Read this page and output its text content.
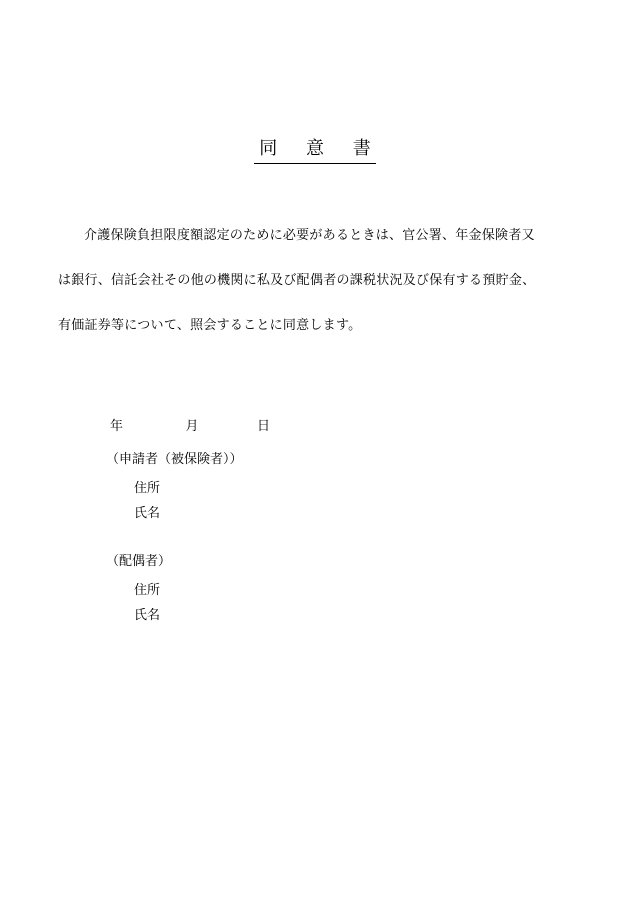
同　意　書
介護保険負担限度額認定のために必要があるときは、官公署、年金保険者又
は銀行、信託会社その他の機関に私及び配偶者の課税状況及び保有する預貯金、
有価証券等について、照会することに同意します。
年	月	日
（申請者（被保険者））
住所
氏名
（配偶者）
住所
氏名
